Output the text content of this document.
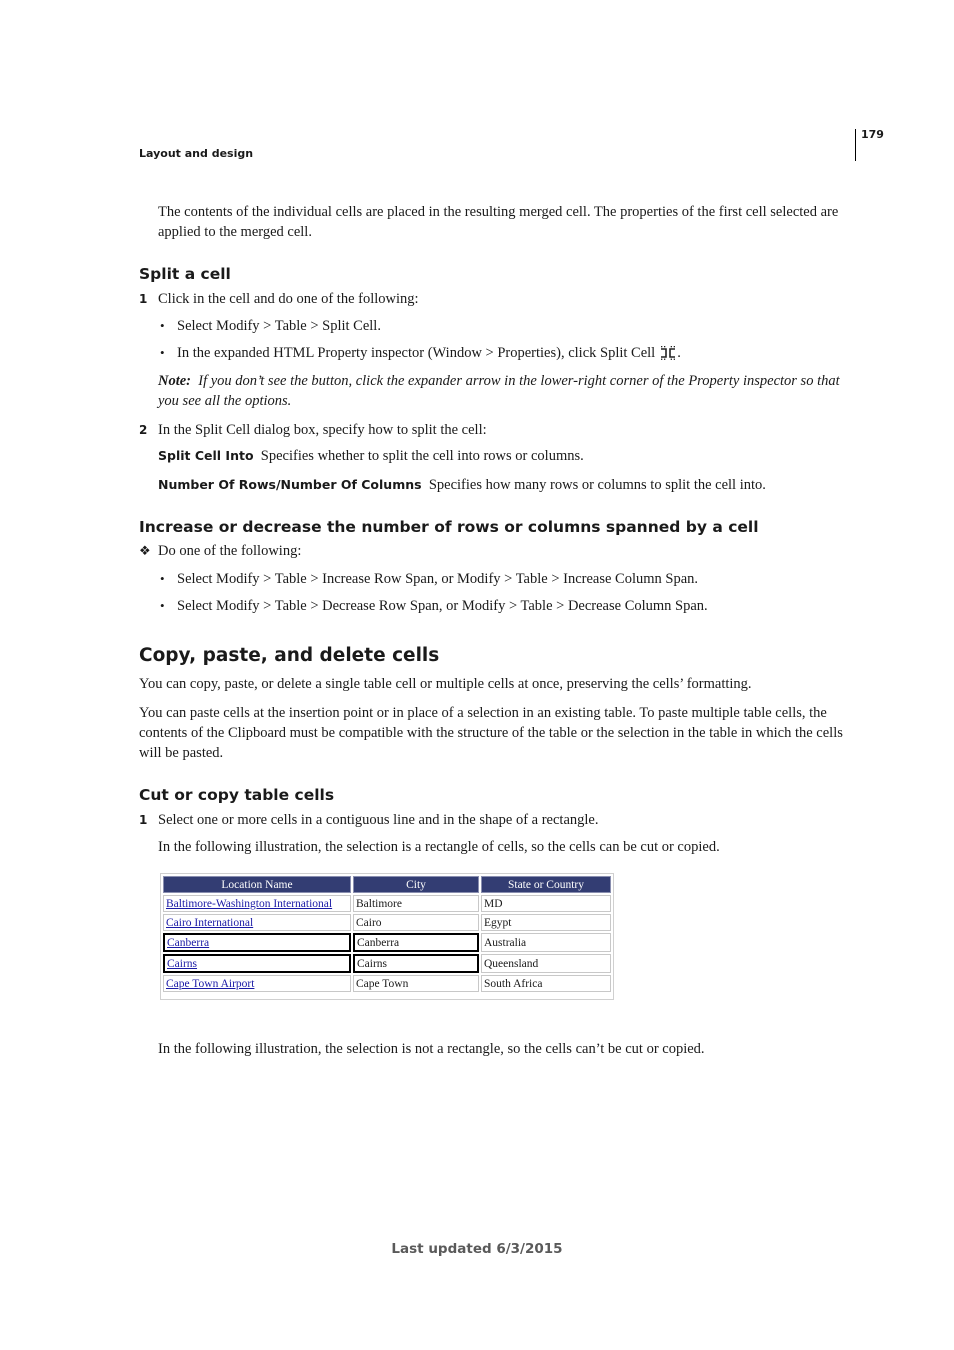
179
Layout and design
The contents of the individual cells are placed in the resulting merged cell. The properties of the first cell selected are applied to the merged cell.
Split a cell
1 Click in the cell and do one of the following:
• Select Modify > Table > Split Cell.
• In the expanded HTML Property inspector (Window > Properties), click Split Cell .
Note: If you don’t see the button, click the expander arrow in the lower-right corner of the Property inspector so that you see all the options.
2 In the Split Cell dialog box, specify how to split the cell:
Split Cell Into Specifies whether to split the cell into rows or columns.
Number Of Rows/Number Of Columns Specifies how many rows or columns to split the cell into.
Increase or decrease the number of rows or columns spanned by a cell
❖ Do one of the following:
• Select Modify > Table > Increase Row Span, or Modify > Table > Increase Column Span.
• Select Modify > Table > Decrease Row Span, or Modify > Table > Decrease Column Span.
Copy, paste, and delete cells
You can copy, paste, or delete a single table cell or multiple cells at once, preserving the cells’ formatting.
You can paste cells at the insertion point or in place of a selection in an existing table. To paste multiple table cells, the contents of the Clipboard must be compatible with the structure of the table or the selection in the table in which the cells will be pasted.
Cut or copy table cells
1 Select one or more cells in a contiguous line and in the shape of a rectangle.
In the following illustration, the selection is a rectangle of cells, so the cells can be cut or copied.
Location Name	City	State or Country
Baltimore-Washington International	Baltimore	MD
Cairo International	Cairo	Egypt
Canberra	Canberra	Australia
Cairns	Cairns	Queensland
Cape Town Airport	Cape Town	South Africa
In the following illustration, the selection is not a rectangle, so the cells can’t be cut or copied.
Last updated 6/3/2015
